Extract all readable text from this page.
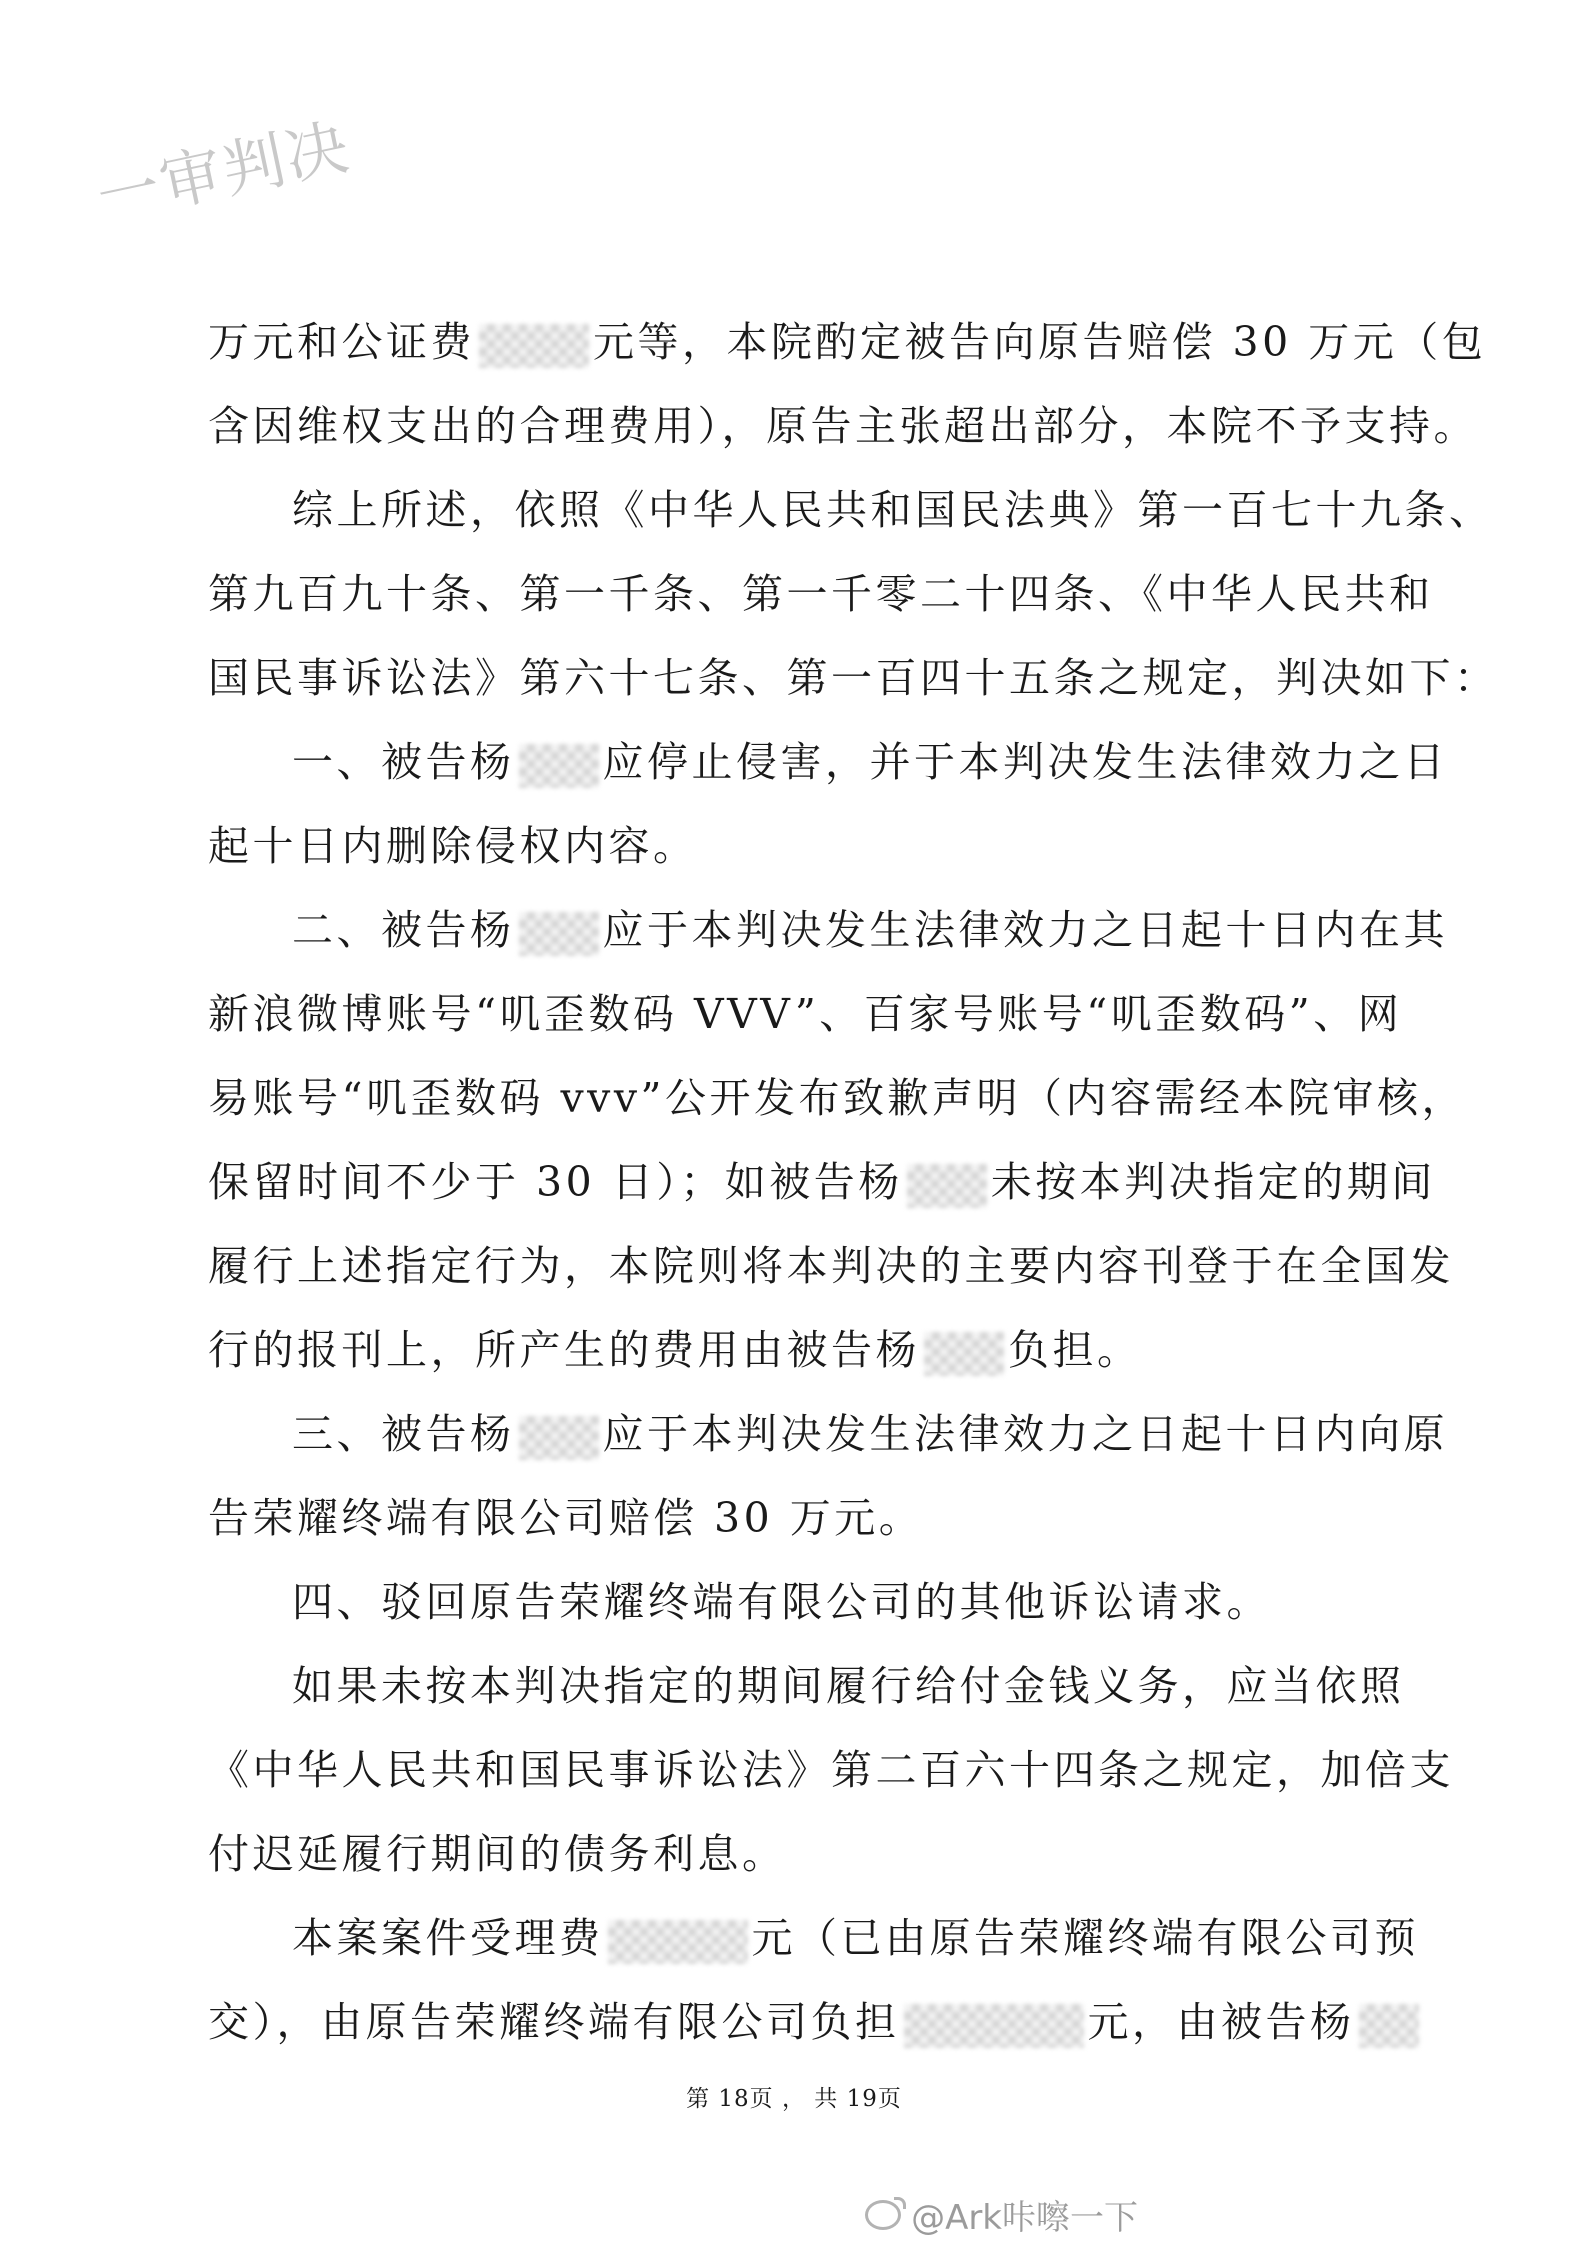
一审判决
万元和公证费	元等，本院酌定被告向原告赔偿 30 万元（包
含因维权支出的合理费用），原告主张超出部分，本院不予支持。
综上所述，依照《中华人民共和国民法典》第一百七十九条、
第九百九十条、第一千条、第一千零二十四条、《中华人民共和
国民事诉讼法》第六十七条、第一百四十五条之规定，判决如下：
一、被告杨 应停止侵害，并于本判决发生法律效力之日
起十日内删除侵权内容。
二、被告杨 应于本判决发生法律效力之日起十日内在其
新浪微博账号“叽歪数码 VVV”、百家号账号“叽歪数码”、网
易账号“叽歪数码 vvv”公开发布致歉声明（内容需经本院审核，
保留时间不少于 30 日）；如被告杨 未按本判决指定的期间
履行上述指定行为，本院则将本判决的主要内容刊登于在全国发
行的报刊上，所产生的费用由被告杨 负担。
三、被告杨 应于本判决发生法律效力之日起十日内向原
告荣耀终端有限公司赔偿 30 万元。
四、驳回原告荣耀终端有限公司的其他诉讼请求。
如果未按本判决指定的期间履行给付金钱义务，应当依照
《中华人民共和国民事诉讼法》第二百六十四条之规定，加倍支
付迟延履行期间的债务利息。
本案案件受理费	元（已由原告荣耀终端有限公司预
交），由原告荣耀终端有限公司负担	元，由被告杨
第 18页 ， 共 19页
@Ark咔嚓一下
